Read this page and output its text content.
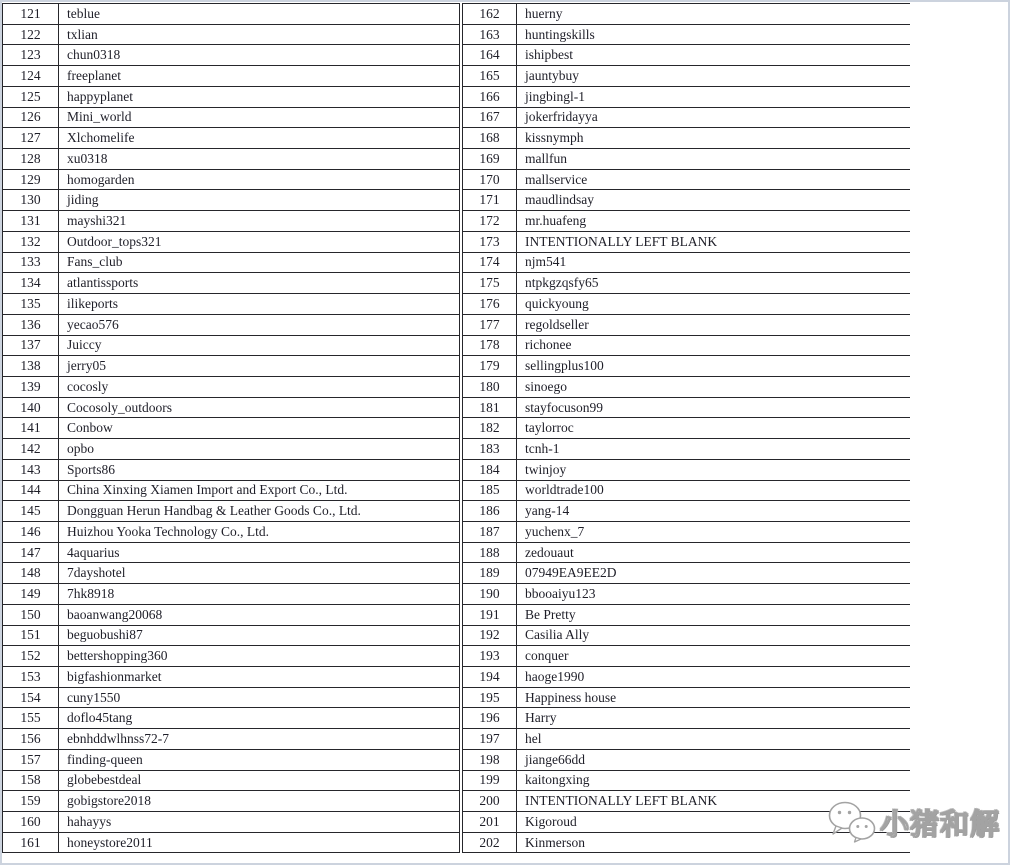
121	teblue
122	txlian
123	chun0318
124	freeplanet
125	happyplanet
126	Mini_world
127	Xlchomelife
128	xu0318
129	homogarden
130	jiding
131	mayshi321
132	Outdoor_tops321
133	Fans_club
134	atlantissports
135	ilikeports
136	yecao576
137	Juiccy
138	jerry05
139	cocosly
140	Cocosoly_outdoors
141	Conbow
142	opbo
143	Sports86
144	China Xinxing Xiamen Import and Export Co., Ltd.
145	Dongguan Herun Handbag & Leather Goods Co., Ltd.
146	Huizhou Yooka Technology Co., Ltd.
147	4aquarius
148	7dayshotel
149	7hk8918
150	baoanwang20068
151	beguobushi87
152	bettershopping360
153	bigfashionmarket
154	cuny1550
155	doflo45tang
156	ebnhddwlhnss72-7
157	finding-queen
158	globebestdeal
159	gobigstore2018
160	hahayys
161	honeystore2011
162	huerny
163	huntingskills
164	ishipbest
165	jauntybuy
166	jingbingl-1
167	jokerfridayya
168	kissnymph
169	mallfun
170	mallservice
171	maudlindsay
172	mr.huafeng
173	INTENTIONALLY LEFT BLANK
174	njm541
175	ntpkgzqsfy65
176	quickyoung
177	regoldseller
178	richonee
179	sellingplus100
180	sinoego
181	stayfocuson99
182	taylorroc
183	tcnh-1
184	twinjoy
185	worldtrade100
186	yang-14
187	yuchenx_7
188	zedouaut
189	07949EA9EE2D
190	bbooaiyu123
191	Be Pretty
192	Casilia Ally
193	conquer
194	haoge1990
195	Happiness house
196	Harry
197	hel
198	jiange66dd
199	kaitongxing
200	INTENTIONALLY LEFT BLANK
201	Kigoroud
202	Kinmerson
小猪和解
